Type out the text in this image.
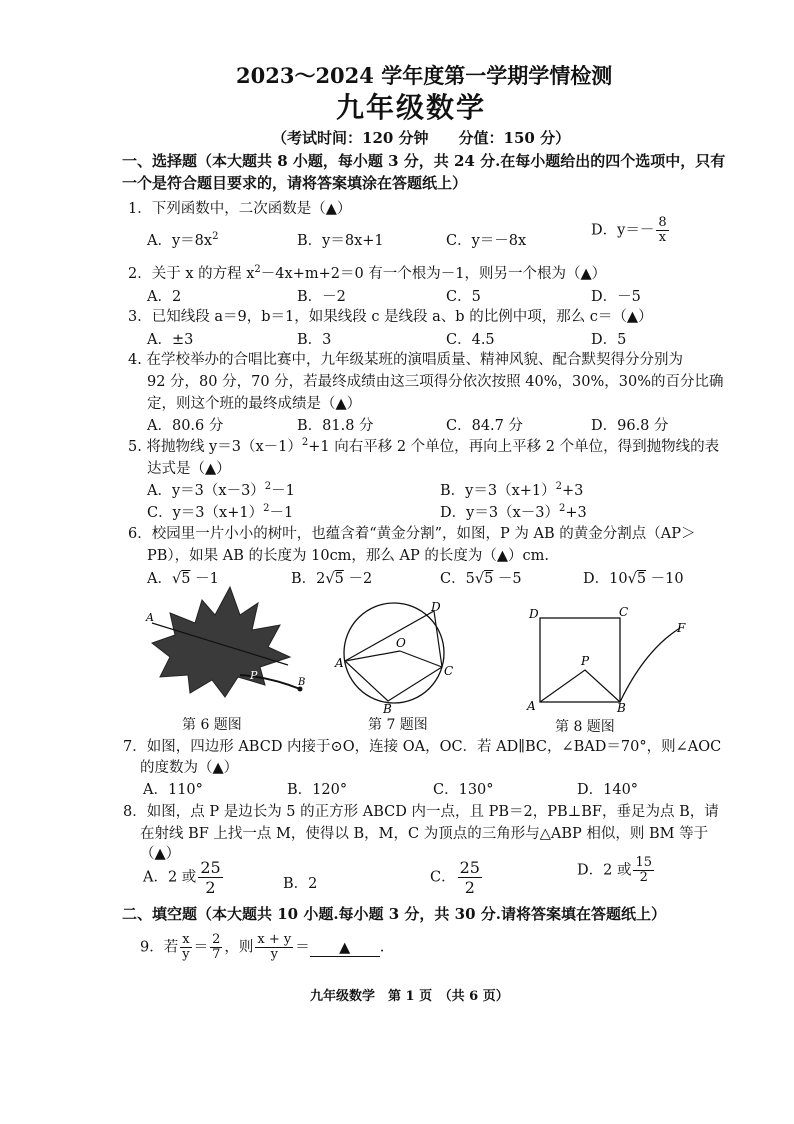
2023～2024 学年度第一学期学情检测
九年级数学
（考试时间：120 分钟　　分值：150 分）
一、选择题（本大题共 8 小题，每小题 3 分，共 24 分.在每小题给出的四个选项中，只有
一个是符合题目要求的，请将答案填涂在答题纸上）
1．下列函数中，二次函数是（▲）
A．$y=8x^2$	B．y＝8x+1	C．y＝－8x
D．$y=- \frac{8}{x}$
2．关于 x 的方程 $x^2-4x+m+2=0$ 有一个根为－1，则另一个根为（▲）
A．2	B．－2	C．5	D．－5
3．已知线段 a＝9，b＝1，如果线段 c 是线段 a、b 的比例中项，那么 c＝（▲）
A．±3	B．3	C．4.5	D．5
4. 在学校举办的合唱比赛中，九年级某班的演唱质量、精神风貌、配合默契得分分别为
92 分，80 分，70 分，若最终成绩由这三项得分依次按照 40%，30%，30%的百分比确
定，则这个班的最终成绩是（▲）
A．80.6 分	B．81.8 分	C．84.7 分	D．96.8 分
5. 将抛物线 $y=3(x-1)^2+1$ 向右平移 2 个单位，再向上平移 2 个单位，得到抛物线的表
达式是（▲）
A．$y=3(x-3)^2-1$	B．$y=3(x+1)^2+3$
C．$y=3(x+1)^2-1$	D．$y=3(x-3)^2+3$
6．校园里一片小小的树叶，也蕴含着“黄金分割”，如图，P 为 AB 的黄金分割点（AP＞
PB），如果 AB 的长度为 10cm，那么 AP 的长度为（▲）cm.
A．√5 －1	B．2√5 －2	C．5√5 －5	D．10√5 －10
A
P
B
第 6 题图
O
D
A
C
B
第 7 题图
D	C
F
P
A	B
第 8 题图
7．如图，四边形 ABCD 内接于⊙O，连接 OA，OC．若 AD∥BC，∠BAD＝70°，则∠AOC
的度数为（▲）
A．110°	B．120°	C．130°	D．140°
8．如图，点 P 是边长为 5 的正方形 ABCD 内一点，且 PB＝2，PB⊥BF，垂足为点 B，请
在射线 BF 上找一点 M，使得以 B，M，C 为顶点的三角形与△ABP 相似，则 BM 等于
（▲）
A．2 或 $\frac{25}{2}$	B．2	C． $\frac{25}{2}$	D．2 或 $\frac{15}{2}$
二、填空题（本大题共 10 小题.每小题 3 分，共 30 分.请将答案填在答题纸上）
9．若 $\frac{x}{y} = \frac{2}{7}$ ，则 $\frac{x + y}{y}$ ＝ ▲ .
九年级数学　第 1 页　（共 6 页）
